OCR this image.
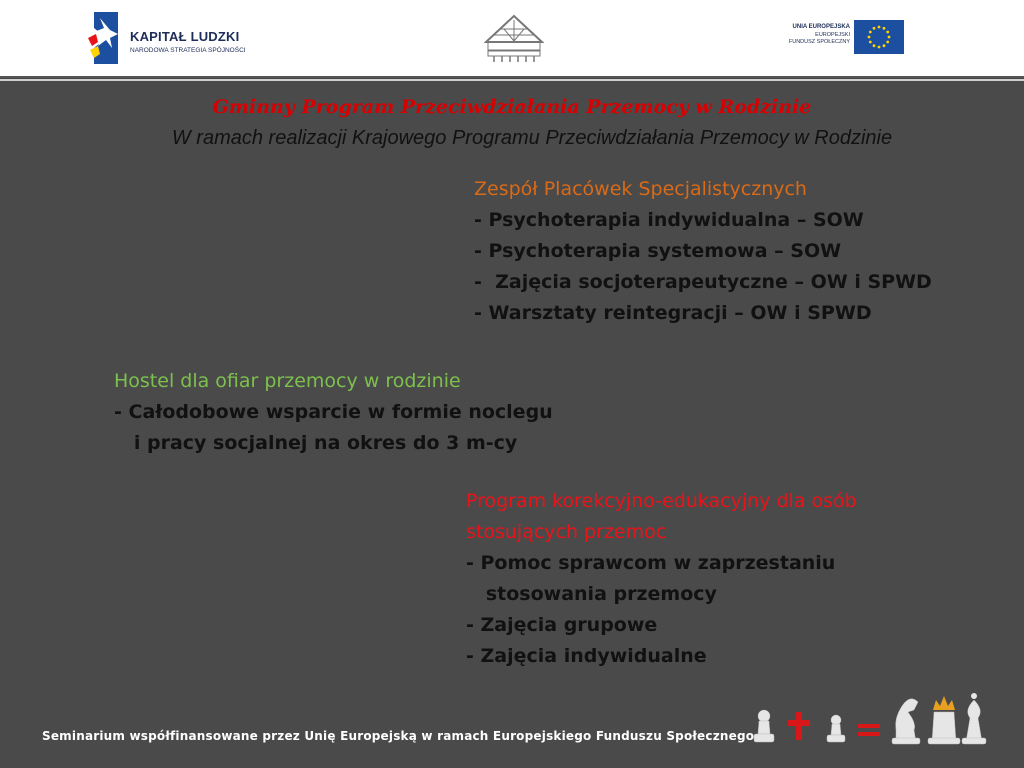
KAPITAŁ LUDZKI
NARODOWA STRATEGIA SPÓJNOŚCI
UNIA EUROPEJSKA
EUROPEJSKI
FUNDUSZ SPOŁECZNY
Gminny Program Przeciwdziałania Przemocy w Rodzinie
W ramach realizacji Krajowego Programu Przeciwdziałania Przemocy w Rodzinie
Zespół Placówek Specjalistycznych
- Psychoterapia indywidualna – SOW
- Psychoterapia systemowa – SOW
-  Zajęcia socjoterapeutyczne – OW i SPWD
- Warsztaty reintegracji – OW i SPWD
Hostel dla ofiar przemocy w rodzinie
- Całodobowe wsparcie w formie noclegu
i pracy socjalnej na okres do 3 m-cy
Program korekcyjno-edukacyjny dla osób
stosujących przemoc
- Pomoc sprawcom w zaprzestaniu
stosowania przemocy
- Zajęcia grupowe
- Zajęcia indywidualne
Seminarium współfinansowane przez Unię Europejską w ramach Europejskiego Funduszu Społecznego
